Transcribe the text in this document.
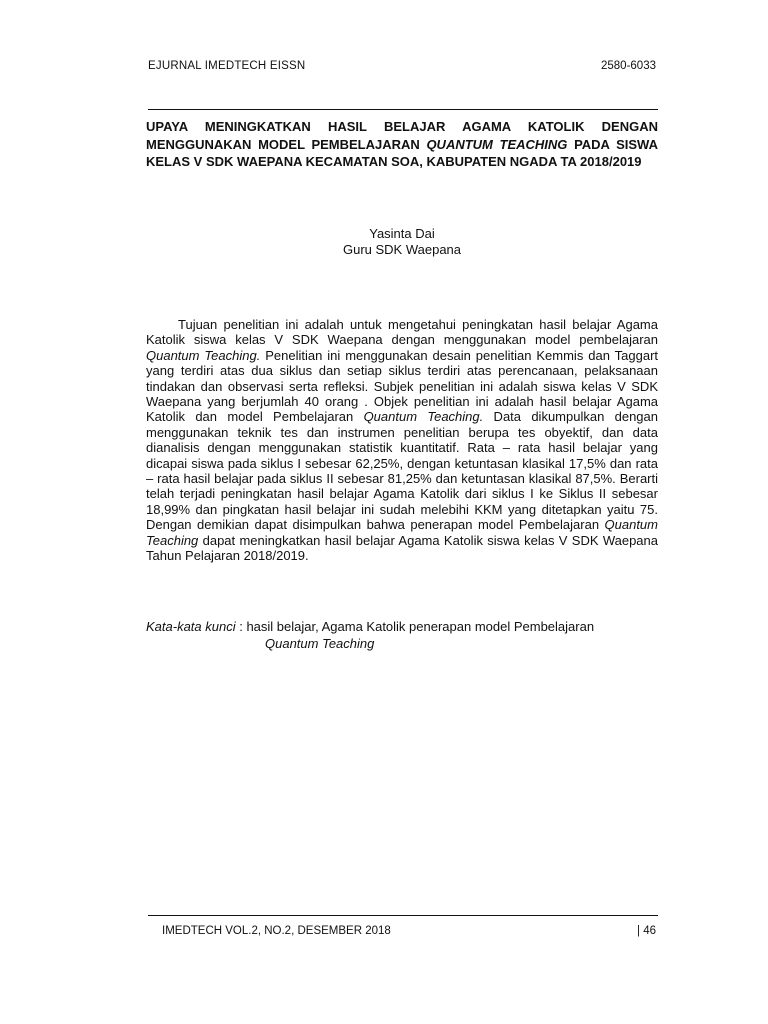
EJURNAL IMEDTECH EISSN	2580-6033
UPAYA MENINGKATKAN HASIL BELAJAR AGAMA KATOLIK DENGAN MENGGUNAKAN MODEL PEMBELAJARAN QUANTUM TEACHING PADA SISWA KELAS V SDK WAEPANA KECAMATAN SOA, KABUPATEN NGADA TA 2018/2019
Yasinta Dai
Guru SDK Waepana

Tujuan penelitian ini adalah untuk mengetahui peningkatan hasil belajar Agama Katolik siswa kelas V SDK Waepana dengan menggunakan model pembelajaran Quantum Teaching. Penelitian ini menggunakan desain penelitian Kemmis dan Taggart yang terdiri atas dua siklus dan setiap siklus terdiri atas perencanaan, pelaksanaan tindakan dan observasi serta refleksi. Subjek penelitian ini adalah siswa kelas V SDK Waepana yang berjumlah 40 orang . Objek penelitian ini adalah hasil belajar Agama Katolik dan model Pembelajaran Quantum Teaching. Data dikumpulkan dengan menggunakan teknik tes dan instrumen penelitian berupa tes obyektif, dan data dianalisis dengan menggunakan statistik kuantitatif. Rata – rata hasil belajar yang dicapai siswa pada siklus I sebesar 62,25%, dengan ketuntasan klasikal 17,5% dan rata – rata hasil belajar pada siklus II sebesar 81,25% dan ketuntasan klasikal 87,5%. Berarti telah terjadi peningkatan hasil belajar Agama Katolik dari siklus I ke Siklus II sebesar 18,99% dan pingkatan hasil belajar ini sudah melebihi KKM yang ditetapkan yaitu 75. Dengan demikian dapat disimpulkan bahwa penerapan model Pembelajaran Quantum Teaching dapat meningkatkan hasil belajar Agama Katolik siswa kelas V SDK Waepana Tahun Pelajaran 2018/2019.

Kata-kata kunci : hasil belajar, Agama Katolik penerapan model Pembelajaran
Quantum Teaching
IMEDTECH VOL.2, NO.2, DESEMBER 2018	| 46
